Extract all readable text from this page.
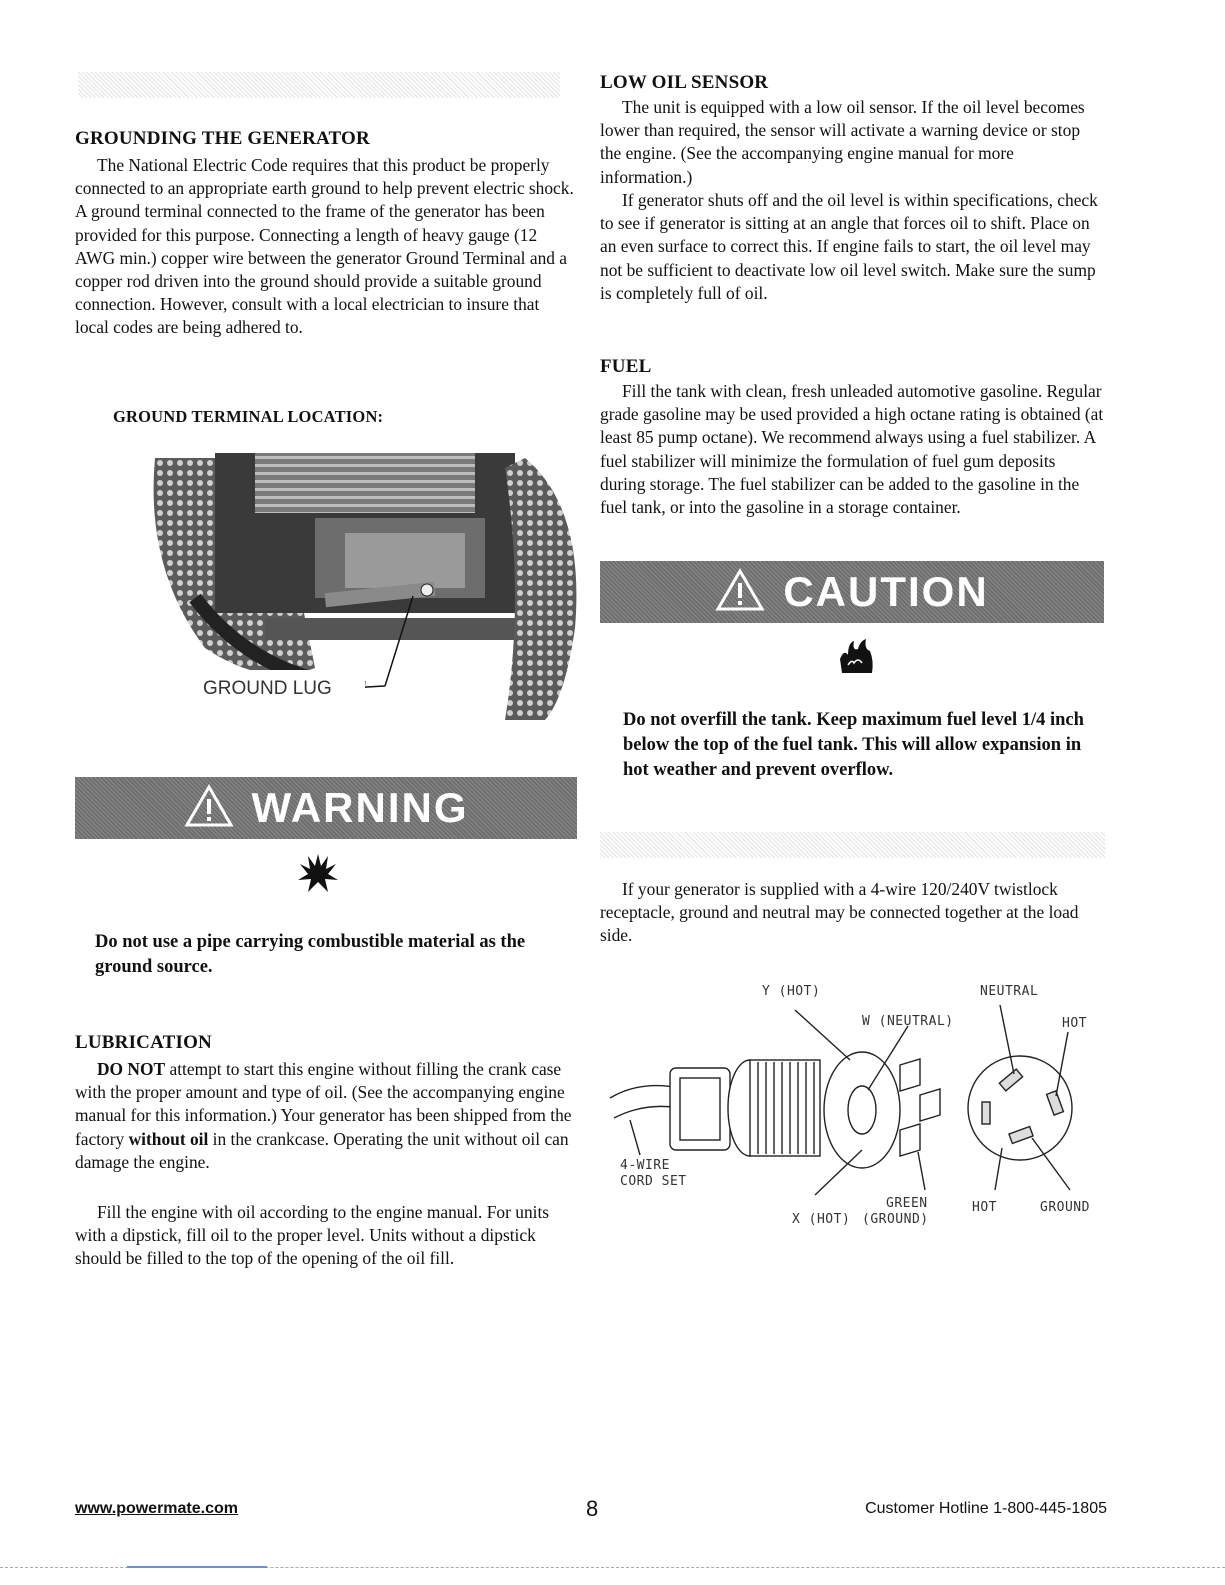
GROUNDING THE GENERATOR

The National Electric Code requires that this product be properly connected to an appropriate earth ground to help prevent electric shock. A ground terminal connected to the frame of the generator has been provided for this purpose. Connecting a length of heavy gauge (12 AWG min.) copper wire between the generator Ground Terminal and a copper rod driven into the ground should provide a suitable ground connection. However, consult with a local electrician to insure that local codes are being adhered to.

GROUND TERMINAL LOCATION:
GROUND LUG
WARNING

Do not use a pipe carrying combustible material as the ground source.

LUBRICATION

DO NOT attempt to start this engine without filling the crank case with the proper amount and type of oil. (See the accompanying engine manual for this information.) Your generator has been shipped from the factory without oil in the crankcase. Operating the unit without oil can damage the engine.

Fill the engine with oil according to the engine manual. For units with a dipstick, fill oil to the proper level. Units without a dipstick should be filled to the top of the opening of the oil fill.

LOW OIL SENSOR

The unit is equipped with a low oil sensor. If the oil level becomes lower than required, the sensor will activate a warning device or stop the engine. (See the accompanying engine manual for more information.)

If generator shuts off and the oil level is within specifications, check to see if generator is sitting at an angle that forces oil to shift. Place on an even surface to correct this. If engine fails to start, the oil level may not be sufficient to deactivate low oil level switch. Make sure the sump is completely full of oil.

FUEL

Fill the tank with clean, fresh unleaded automotive gasoline. Regular grade gasoline may be used provided a high octane rating is obtained (at least 85 pump octane). We recommend always using a fuel stabilizer. A fuel stabilizer will minimize the formulation of fuel gum deposits during storage. The fuel stabilizer can be added to the gasoline in the fuel tank, or into the gasoline in a storage container.

CAUTION

Do not overfill the tank. Keep maximum fuel level 1/4 inch below the top of the fuel tank. This will allow expansion in hot weather and prevent overflow.

If your generator is supplied with a 4-wire 120/240V twistlock receptacle, ground and neutral may be connected together at the load side.

Y (HOT)
W (NEUTRAL)
NEUTRAL
HOT
4-WIRE
CORD SET
X (HOT)
GREEN
(GROUND)
HOT	GROUND
www.powermate.com	8	Customer Hotline 1-800-445-1805
